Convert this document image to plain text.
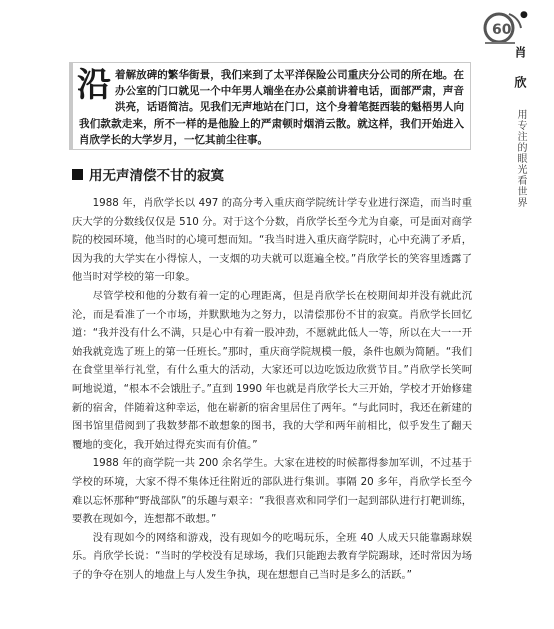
60
●
肖 欣 用专注的眼光看世界
沿 着解放碑的繁华街景，我们来到了太平洋保险公司重庆分公司的所在地。在办公室的门口就见一个中年男人端坐在办公桌前讲着电话，面部严肃，声音洪亮，话语简洁。见我们无声地站在门口，这个身着笔挺西装的魁梧男人向我们款款走来，所不一样的是他脸上的严肃顿时烟消云散。就这样，我们开始进入肖欣学长的大学岁月，一忆其前尘往事。
用无声清偿不甘的寂寞

1988 年，肖欣学长以 497 的高分考入重庆商学院统计学专业进行深造，而当时重庆大学的分数线仅仅是 510 分。对于这个分数，肖欣学长至今尤为自豪，可是面对商学院的校园环境，他当时的心境可想而知。“我当时进入重庆商学院时，心中充满了矛盾，因为我的大学实在小得惊人，一支烟的功夫就可以逛遍全校。”肖欣学长的笑容里透露了他当时对学校的第一印象。

尽管学校和他的分数有着一定的心理距离，但是肖欣学长在校期间却并没有就此沉沦，而是看准了一个市场，并默默地为之努力，以清偿那份不甘的寂寞。肖欣学长回忆道：“我并没有什么不满，只是心中有着一股冲劲，不愿就此低人一等，所以在大一一开始我就竞选了班上的第一任班长。”那时，重庆商学院规模一般，条件也颇为简陋。“我们在食堂里举行礼堂，有什么重大的活动，大家还可以边吃饭边欣赏节目。”肖欣学长笑呵呵地说道，“根本不会饿肚子。”直到 1990 年也就是肖欣学长大三开始，学校才开始修建新的宿舍，伴随着这种幸运，他在崭新的宿舍里居住了两年。“与此同时，我还在新建的图书馆里借阅到了我数梦都不敢想象的图书，我的大学和两年前相比，似乎发生了翻天覆地的变化，我开始过得充实而有价值。”

1988 年的商学院一共 200 余名学生。大家在进校的时候都得参加军训，不过基于学校的环境，大家不得不集体迁往附近的部队进行集训。事隔 20 多年，肖欣学长至今难以忘怀那种“野战部队”的乐趣与艰辛：“我很喜欢和同学们一起到部队进行打靶训练，要教在现如今，连想都不敢想。”

没有现如今的网络和游戏，没有现如今的吃喝玩乐，全班 40 人成天只能靠踢球娱乐。肖欣学长说：“当时的学校没有足球场，我们只能跑去教育学院踢球，还时常因为场子的争夺在别人的地盘上与人发生争执，现在想想自己当时是多么的活跃。”
